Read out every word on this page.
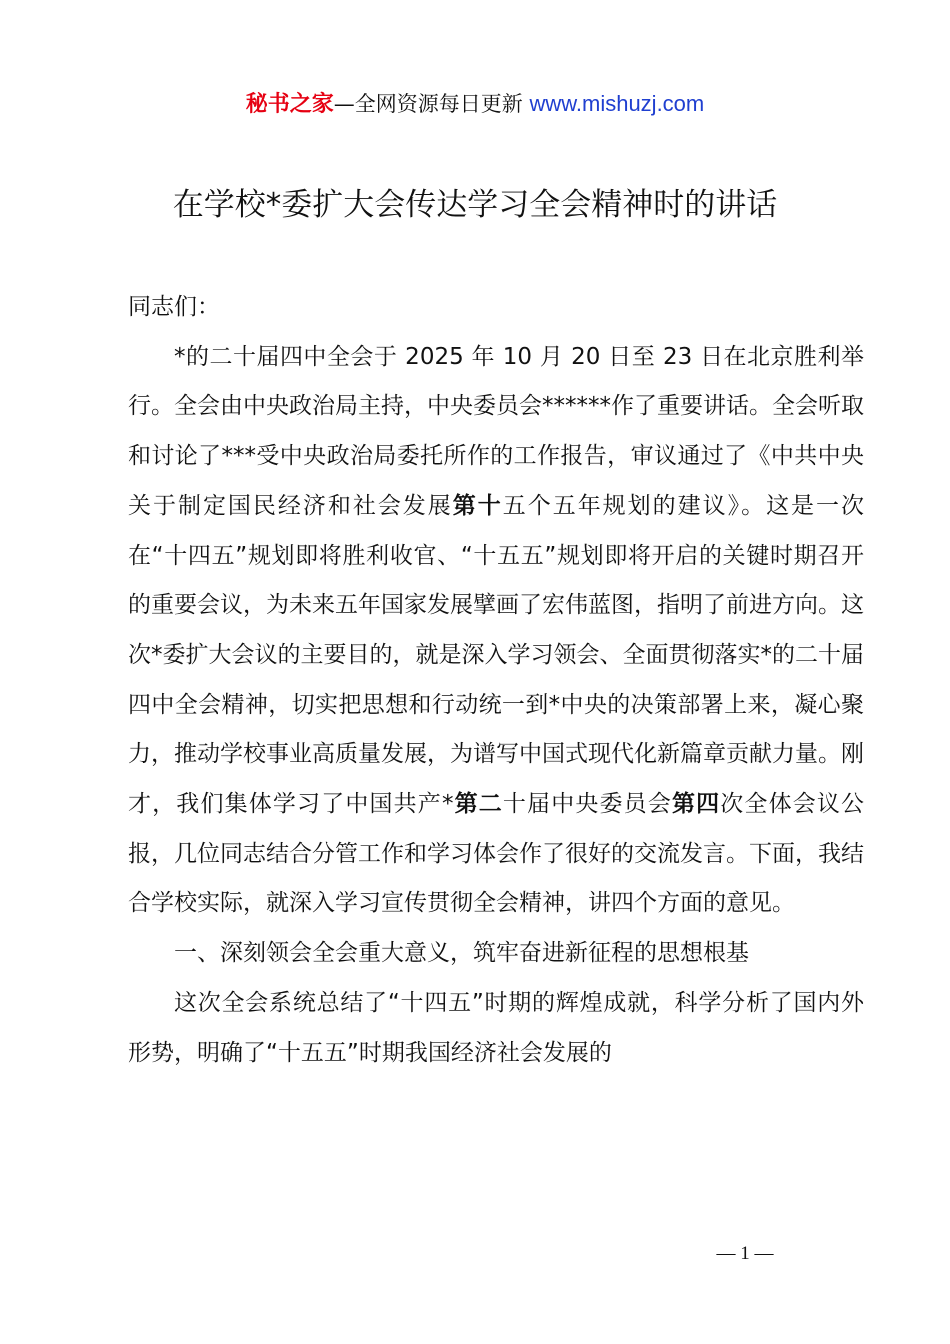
秘书之家—全网资源每日更新 www.mishuzj.com
在学校*委扩大会传达学习全会精神时的讲话

同志们：

*的二十届四中全会于 2025 年 10 月 20 日至 23 日在北京胜利举行。全会由中央政治局主持，中央委员会******作了重要讲话。全会听取和讨论了***受中央政治局委托所作的工作报告，审议通过了《中共中央关于制定国民经济和社会发展第十五个五年规划的建议》。这是一次在“十四五”规划即将胜利收官、“十五五”规划即将开启的关键时期召开的重要会议，为未来五年国家发展擘画了宏伟蓝图，指明了前进方向。这次*委扩大会议的主要目的，就是深入学习领会、全面贯彻落实*的二十届四中全会精神，切实把思想和行动统一到*中央的决策部署上来，凝心聚力，推动学校事业高质量发展，为谱写中国式现代化新篇章贡献力量。刚才，我们集体学习了中国共产*第二十届中央委员会第四次全体会议公报，几位同志结合分管工作和学习体会作了很好的交流发言。下面，我结合学校实际，就深入学习宣传贯彻全会精神，讲四个方面的意见。

一、深刻领会全会重大意义，筑牢奋进新征程的思想根基

这次全会系统总结了“十四五”时期的辉煌成就，科学分析了国内外形势，明确了“十五五”时期我国经济社会发展的

— 1 —
